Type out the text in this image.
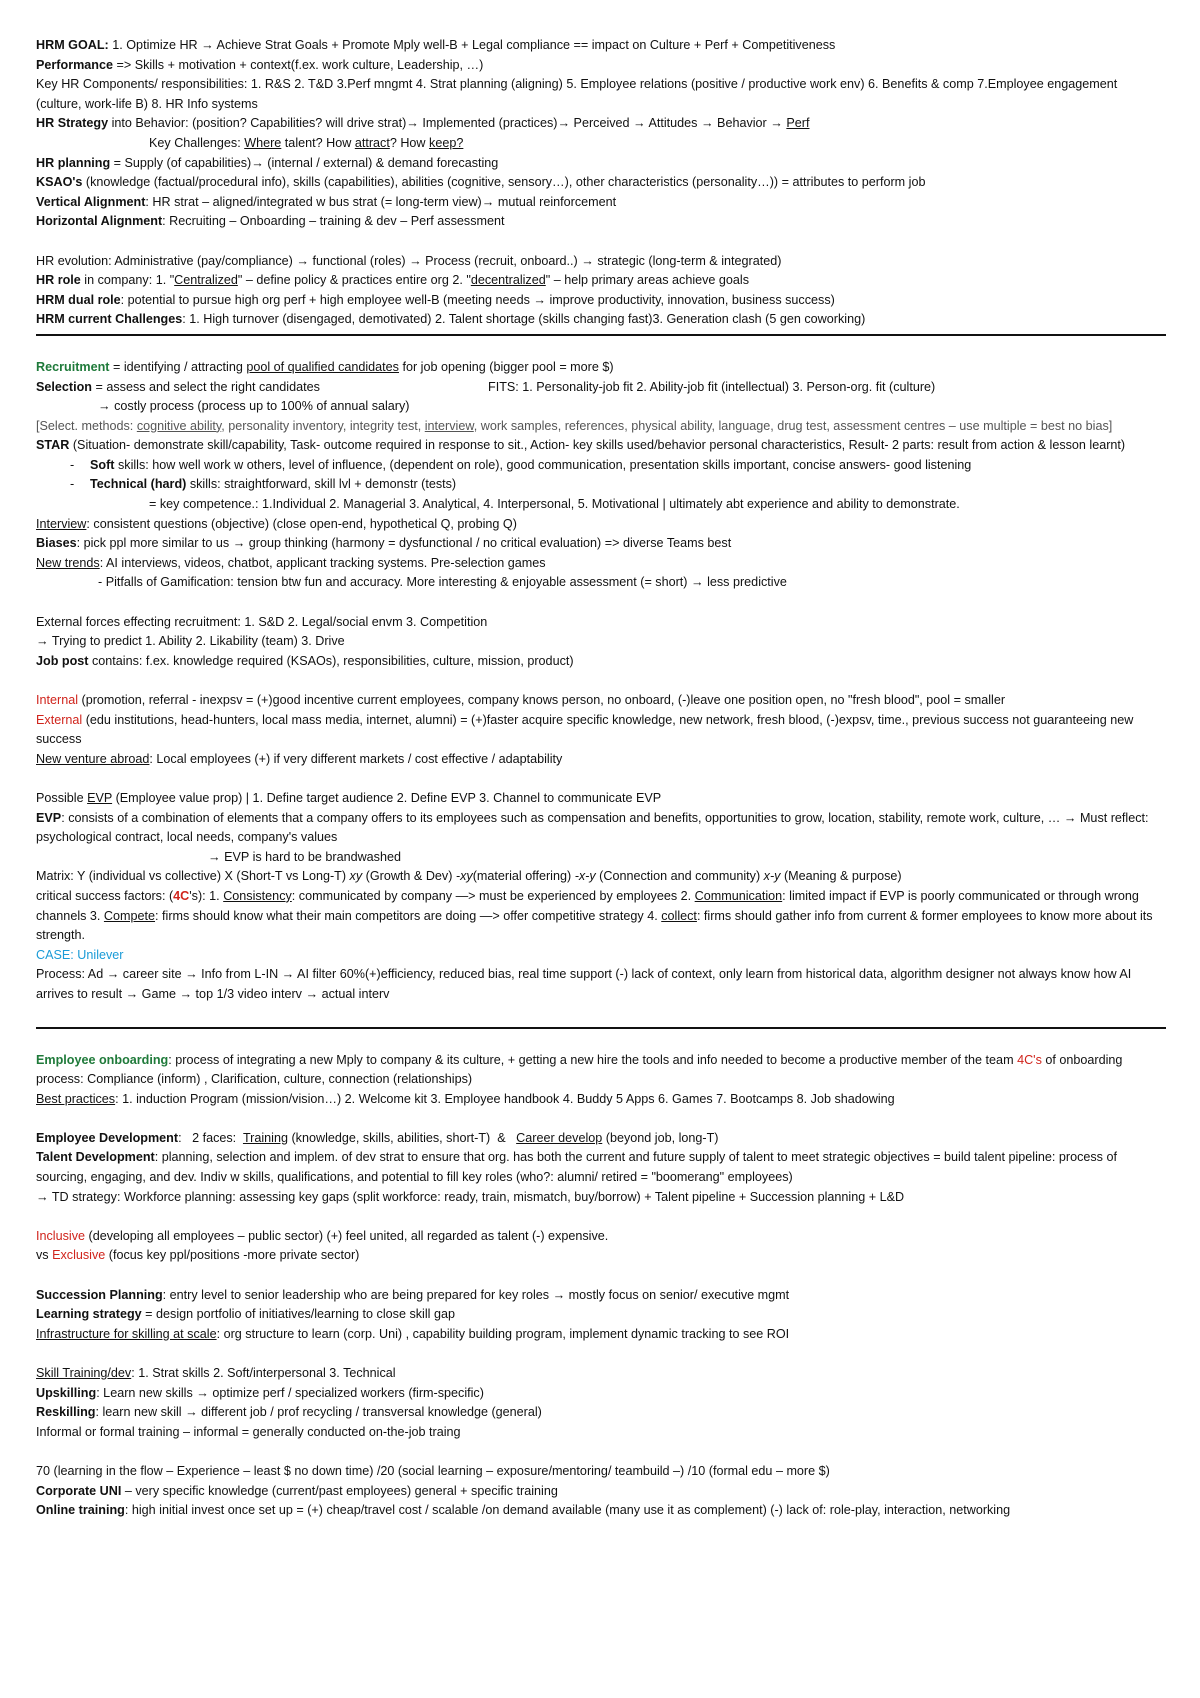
HRM GOAL: 1. Optimize HR → Achieve Strat Goals + Promote Mply well-B + Legal compliance == impact on Culture + Perf + Competitiveness
Performance => Skills + motivation + context(f.ex. work culture, Leadership, …)
Key HR Components/ responsibilities: 1. R&S 2. T&D 3.Perf mngmt 4. Strat planning (aligning) 5. Employee relations (positive / productive work env) 6. Benefits & comp 7.Employee engagement (culture, work-life B) 8. HR Info systems
HR Strategy into Behavior: (position? Capabilities? will drive strat)→ Implemented (practices)→ Perceived → Attitudes → Behavior → Perf
Key Challenges: Where talent? How attract? How keep?
HR planning = Supply (of capabilities)→ (internal / external) & demand forecasting
KSAO's (knowledge (factual/procedural info), skills (capabilities), abilities (cognitive, sensory…), other characteristics (personality…)) = attributes to perform job
Vertical Alignment: HR strat – aligned/integrated w bus strat (= long-term view)→ mutual reinforcement
Horizontal Alignment: Recruiting – Onboarding – training & dev – Perf assessment
HR evolution: Administrative (pay/compliance) → functional (roles) → Process (recruit, onboard..) → strategic (long-term & integrated)
HR role in company: 1. "Centralized" – define policy & practices entire org 2. "decentralized" – help primary areas achieve goals
HRM dual role: potential to pursue high org perf + high employee well-B (meeting needs → improve productivity, innovation, business success)
HRM current Challenges: 1. High turnover (disengaged, demotivated) 2. Talent shortage (skills changing fast)3. Generation clash (5 gen coworking)
Recruitment = identifying / attracting pool of qualified candidates for job opening (bigger pool = more $)
Selection = assess and select the right candidates	FITS: 1. Personality-job fit 2. Ability-job fit (intellectual) 3. Person-org. fit (culture)
→ costly process (process up to 100% of annual salary)
[Select. methods: cognitive ability, personality inventory, integrity test, interview, work samples, references, physical ability, language, drug test, assessment centres – use multiple = best no bias]
STAR (Situation- demonstrate skill/capability, Task- outcome required in response to sit., Action- key skills used/behavior personal characteristics, Result- 2 parts: result from action & lesson learnt)
- Soft skills: how well work w others, level of influence, (dependent on role), good communication, presentation skills important, concise answers- good listening
- Technical (hard) skills: straightforward, skill lvl + demonstr (tests)
= key competence.: 1.Individual 2. Managerial 3. Analytical, 4. Interpersonal, 5. Motivational | ultimately abt experience and ability to demonstrate.
Interview: consistent questions (objective) (close open-end, hypothetical Q, probing Q)
Biases: pick ppl more similar to us → group thinking (harmony = dysfunctional / no critical evaluation) => diverse Teams best
New trends: AI interviews, videos, chatbot, applicant tracking systems. Pre-selection games
- Pitfalls of Gamification: tension btw fun and accuracy. More interesting & enjoyable assessment (= short) → less predictive
External forces effecting recruitment: 1. S&D 2. Legal/social envm 3. Competition
→ Trying to predict 1. Ability 2. Likability (team) 3. Drive
Job post contains: f.ex. knowledge required (KSAOs), responsibilities, culture, mission, product)
Internal (promotion, referral - inexpsv = (+)good incentive current employees, company knows person, no onboard, (-)leave one position open, no "fresh blood", pool = smaller
External (edu institutions, head-hunters, local mass media, internet, alumni) = (+)faster acquire specific knowledge, new network, fresh blood, (-)expsv, time., previous success not guaranteeing new success
New venture abroad: Local employees (+) if very different markets / cost effective / adaptability
Possible EVP (Employee value prop) | 1. Define target audience 2. Define EVP 3. Channel to communicate EVP
EVP: consists of a combination of elements that a company offers to its employees such as compensation and benefits, opportunities to grow, location, stability, remote work, culture, … → Must reflect: psychological contract, local needs, company's values
→ EVP is hard to be brandwashed
Matrix: Y (individual vs collective) X (Short-T vs Long-T) xy (Growth & Dev) -xy(material offering) -x-y (Connection and community) x-y (Meaning & purpose)
critical success factors: (4C's): 1. Consistency: communicated by company —> must be experienced by employees 2. Communication: limited impact if EVP is poorly communicated or through wrong channels 3. Compete: firms should know what their main competitors are doing —> offer competitive strategy 4. collect: firms should gather info from current & former employees to know more about its strength.
CASE: Unilever
Process: Ad → career site → Info from L-IN → AI filter 60%(+)efficiency, reduced bias, real time support (-) lack of context, only learn from historical data, algorithm designer not always know how AI arrives to result → Game → top 1/3 video interv → actual interv
Employee onboarding: process of integrating a new Mply to company & its culture, + getting a new hire the tools and info needed to become a productive member of the team 4C's of onboarding process: Compliance (inform) , Clarification, culture, connection (relationships)
Best practices: 1. induction Program (mission/vision…) 2. Welcome kit 3. Employee handbook 4. Buddy 5 Apps 6. Games 7. Bootcamps 8. Job shadowing
Employee Development:   2 faces:  Training (knowledge, skills, abilities, short-T)  &   Career develop (beyond job, long-T)
Talent Development: planning, selection and implem. of dev strat to ensure that org. has both the current and future supply of talent to meet strategic objectives = build talent pipeline: process of sourcing, engaging, and dev. Indiv w skills, qualifications, and potential to fill key roles (who?: alumni/ retired = "boomerang" employees)
→ TD strategy: Workforce planning: assessing key gaps (split workforce: ready, train, mismatch, buy/borrow) + Talent pipeline + Succession planning + L&D
Inclusive (developing all employees – public sector) (+) feel united, all regarded as talent (-) expensive.
vs Exclusive (focus key ppl/positions -more private sector)
Succession Planning: entry level to senior leadership who are being prepared for key roles → mostly focus on senior/ executive mgmt
Learning strategy = design portfolio of initiatives/learning to close skill gap
Infrastructure for skilling at scale: org structure to learn (corp. Uni) , capability building program, implement dynamic tracking to see ROI
Skill Training/dev: 1. Strat skills 2. Soft/interpersonal 3. Technical
Upskilling: Learn new skills → optimize perf / specialized workers (firm-specific)
Reskilling: learn new skill → different job / prof recycling / transversal knowledge (general)
Informal or formal training – informal = generally conducted on-the-job traing
70 (learning in the flow – Experience – least $ no down time) /20 (social learning – exposure/mentoring/ teambuild –) /10 (formal edu – more $)
Corporate UNI – very specific knowledge (current/past employees) general + specific training
Online training: high initial invest once set up = (+) cheap/travel cost / scalable /on demand available (many use it as complement) (-) lack of: role-play, interaction, networking
